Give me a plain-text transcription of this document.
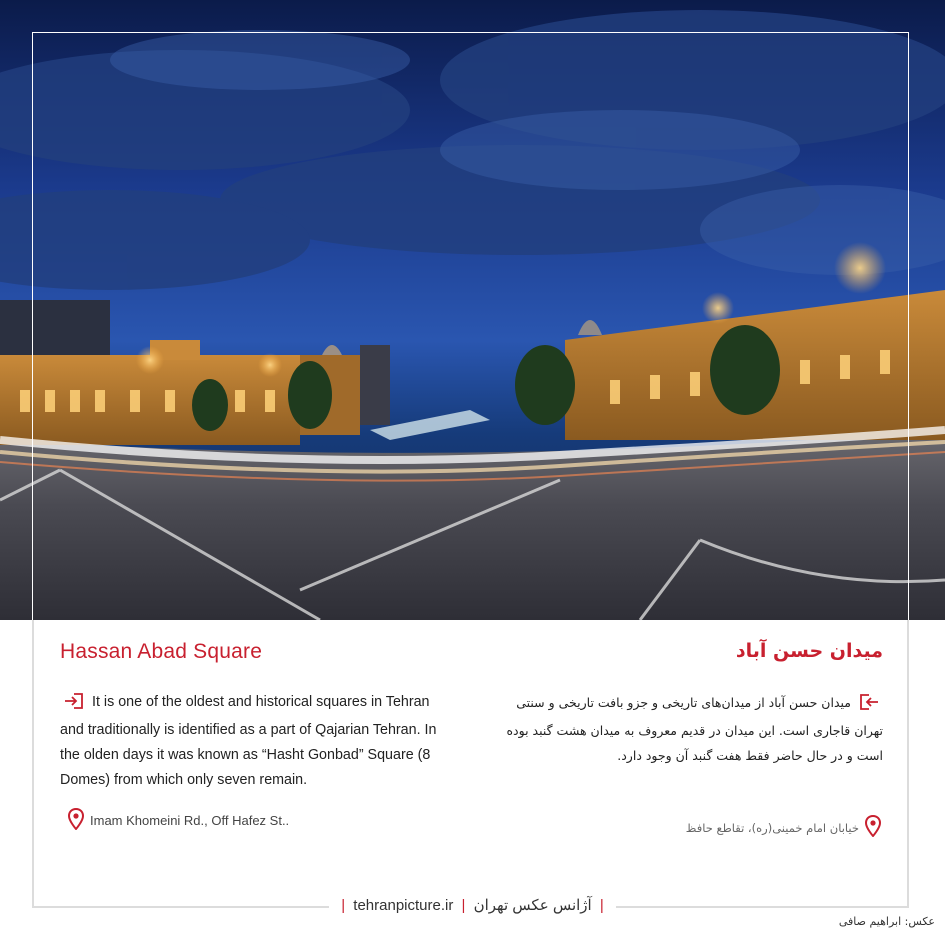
Hassan Abad Square	میدان حسن آباد
It is one of the oldest and historical squares in Tehran and traditionally is identified as a part of Qajarian Tehran. In the olden days it was known as “Hasht Gonbad” Square (8 Domes) from which only seven remain.
میدان حسن آباد از میدان‌های تاریخی و جزو بافت تاریخی و سنتی تهران قاجاری است. این میدان در قدیم معروف به میدان هشت گنبد بوده است و در حال حاضر فقط هفت گنبد آن وجود دارد.
Imam Khomeini Rd., Off Hafez St..	خیابان امام خمینی(ره)، تقاطع حافظ
| tehranpicture.ir | آژانس عکس تهران |
عکس: ابراهیم صافی
